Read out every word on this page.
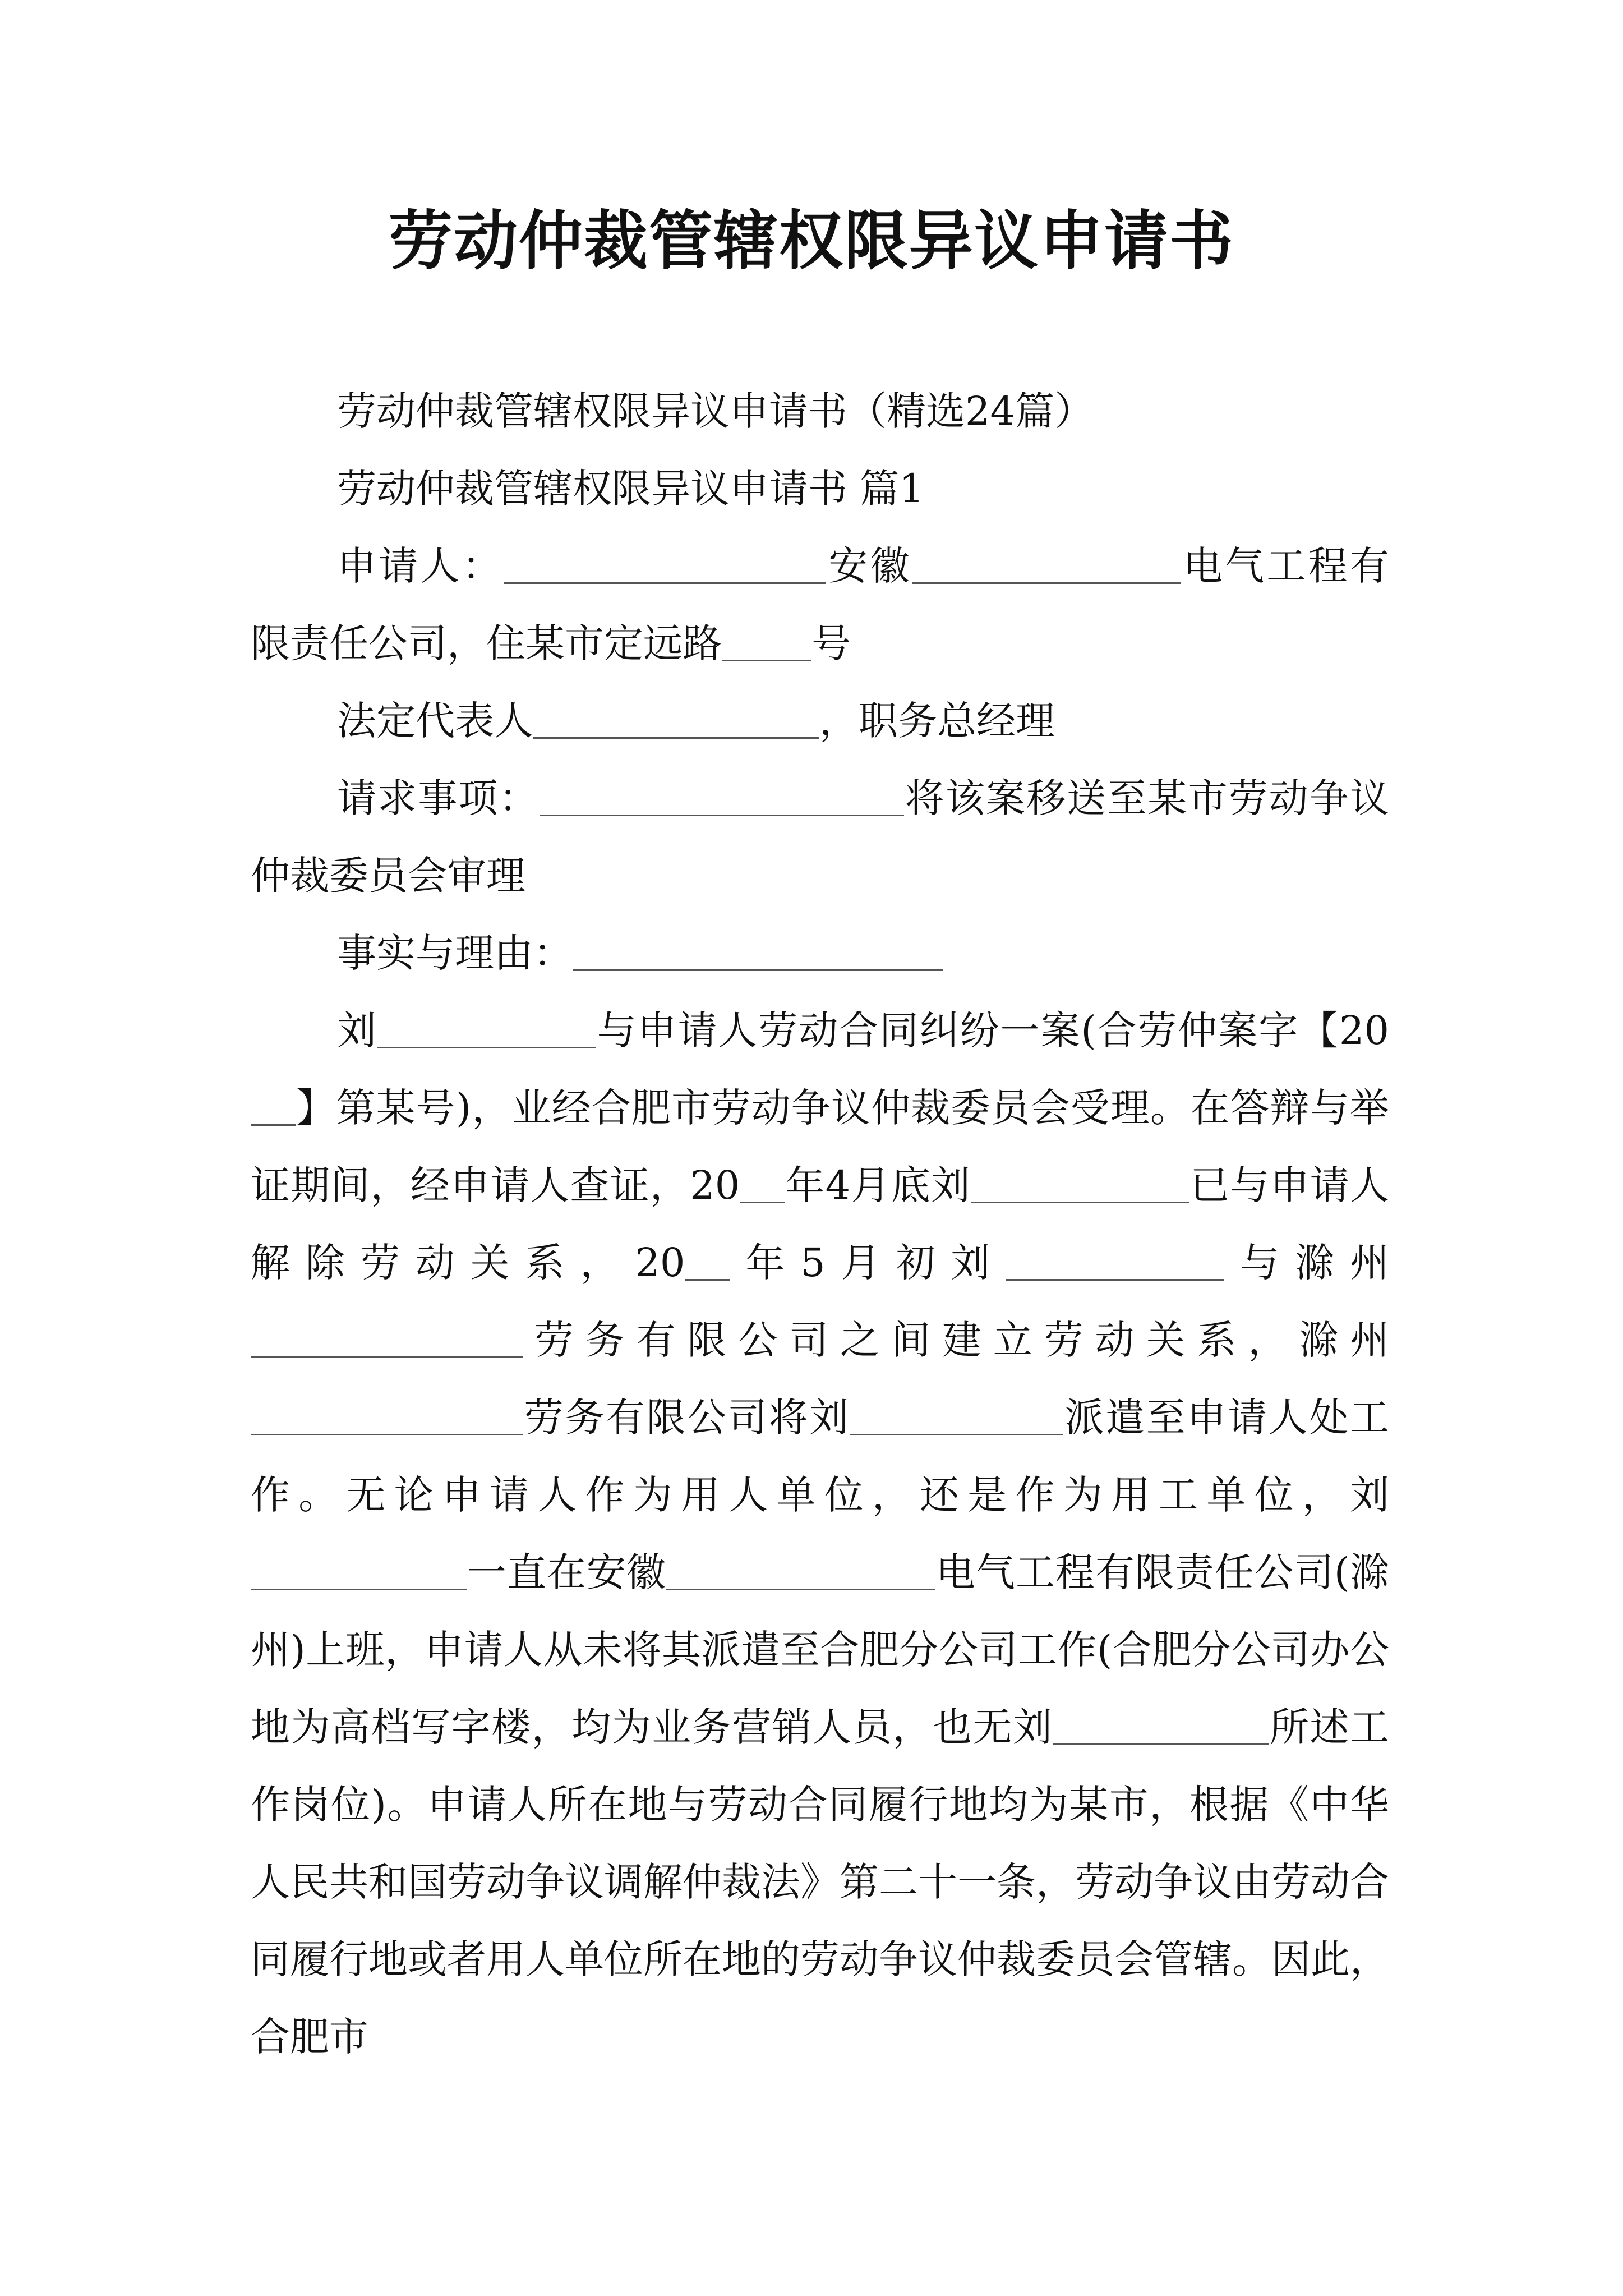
劳动仲裁管辖权限异议申请书

劳动仲裁管辖权限异议申请书（精选24篇）

劳动仲裁管辖权限异议申请书 篇1

申请人：	安徽	电气工程有限责任公司，住某市定远路 号

法定代表人	，职务总经理

请求事项：	将该案移送至某市劳动争议仲裁委员会审理

事实与理由：

刘	与申请人劳动合同纠纷一案(合劳仲案字【20】第某号)，业经合肥市劳动争议仲裁委员会受理。在答辩与举证期间，经申请人查证，20 年4月底刘	已与申请人解除劳动关系，20 年5月初刘	与滁州劳务有限公司之间建立劳动关系，滁州劳务有限公司将刘	派遣至申请人处工作。无论申请人作为用人单位，还是作为用工单位，刘一直在安徽	电气工程有限责任公司(滁州)上班，申请人从未将其派遣至合肥分公司工作(合肥分公司办公地为高档写字楼，均为业务营销人员，也无刘	所述工作岗位)。申请人所在地与劳动合同履行地均为某市，根据《中华人民共和国劳动争议调解仲裁法》第二十一条，劳动争议由劳动合同履行地或者用人单位所在地的劳动争议仲裁委员会管辖。因此，合肥市
